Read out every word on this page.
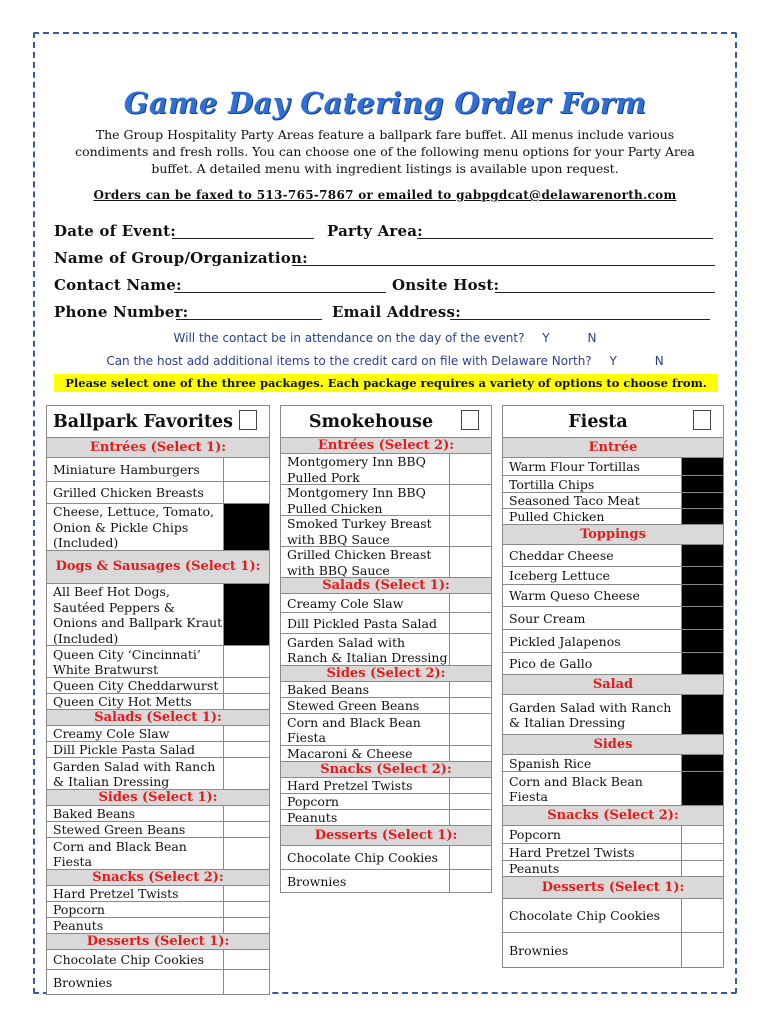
Game Day Catering Order Form
The Group Hospitality Party Areas feature a ballpark fare buffet. All menus include various condiments and fresh rolls. You can choose one of the following menu options for your Party Area buffet. A detailed menu with ingredient listings is available upon request.
Orders can be faxed to 513-765-7867 or emailed to gabpgdcat@delawarenorth.com
Date of Event:	Party Area:
Name of Group/Organization:
Contact Name:	Onsite Host:
Phone Number:	Email Address:
Will the contact be in attendance on the day of the event? Y	N
Can the host add additional items to the credit card on file with Delaware North? Y	N
Please select one of the three packages. Each package requires a variety of options to choose from.
Ballpark Favorites
Entrées (Select 1):
Miniature Hamburgers
Grilled Chicken Breasts
Cheese, Lettuce, Tomato, Onion & Pickle Chips (Included)
Dogs & Sausages (Select 1):
All Beef Hot Dogs, Sautéed Peppers & Onions and Ballpark Kraut (Included)
Queen City ‘Cincinnati’ White Bratwurst
Queen City Cheddarwurst
Queen City Hot Metts
Salads (Select 1):
Creamy Cole Slaw
Dill Pickle Pasta Salad
Garden Salad with Ranch & Italian Dressing
Sides (Select 1):
Baked Beans
Stewed Green Beans
Corn and Black Bean Fiesta
Snacks (Select 2):
Hard Pretzel Twists
Popcorn
Peanuts
Desserts (Select 1):
Chocolate Chip Cookies
Brownies
Smokehouse
Entrées (Select 2):
Montgomery Inn BBQ Pulled Pork
Montgomery Inn BBQ Pulled Chicken
Smoked Turkey Breast with BBQ Sauce
Grilled Chicken Breast with BBQ Sauce
Salads (Select 1):
Creamy Cole Slaw
Dill Pickled Pasta Salad
Garden Salad with Ranch & Italian Dressing
Sides (Select 2):
Baked Beans
Stewed Green Beans
Corn and Black Bean Fiesta
Macaroni & Cheese
Snacks (Select 2):
Hard Pretzel Twists
Popcorn
Peanuts
Desserts (Select 1):
Chocolate Chip Cookies
Brownies
Fiesta
Entrée
Warm Flour Tortillas
Tortilla Chips
Seasoned Taco Meat
Pulled Chicken
Toppings
Cheddar Cheese
Iceberg Lettuce
Warm Queso Cheese
Sour Cream
Pickled Jalapenos
Pico de Gallo
Salad
Garden Salad with Ranch & Italian Dressing
Sides
Spanish Rice
Corn and Black Bean Fiesta
Snacks (Select 2):
Popcorn
Hard Pretzel Twists
Peanuts
Desserts (Select 1):
Chocolate Chip Cookies
Brownies
